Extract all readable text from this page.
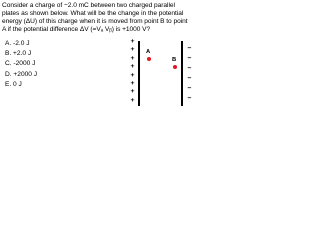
Consider a charge of −2.0 mC between two charged parallel
plates as shown below. What will be the change in the potential
energy (ΔU) of this charge when it is moved from point B to point
A if the potential difference ΔV (=Vₐ Vᵦ) is +1000 V?

A. -2.0 J
B. +2.0 J
C. -2000 J
D. +2000 J
E. 0 J
+
+
+
+
+
+
+
+
A
B
−
−
−
−
−
−
